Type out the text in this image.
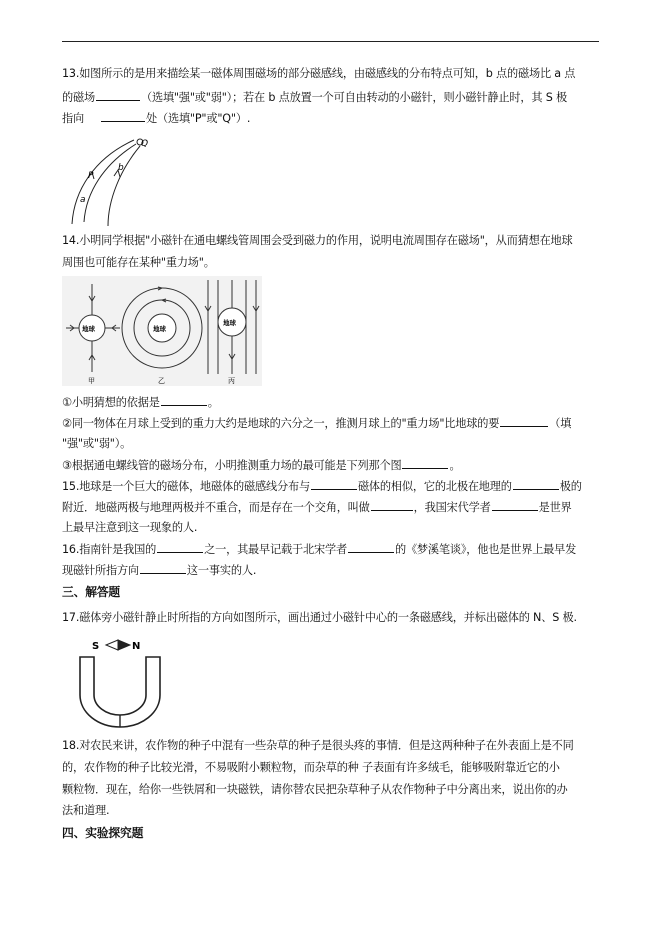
13.如图所示的是用来描绘某一磁体周围磁场的部分磁感线，由磁感线的分布特点可知，b 点的磁场比 a 点
的磁场	（选填"强"或"弱"）；若在 b 点放置一个可自由转动的小磁针，则小磁针静止时，其 S 极
指向	处（选填"P"或"Q"）.
Q
P
b
a
14.小明同学根据"小磁针在通电螺线管周围会受到磁力的作用，说明电流周围存在磁场"，从而猜想在地球
周围也可能存在某种"重力场"。
地球
甲
地球
乙
地球
丙
①小明猜想的依据是	。
②同一物体在月球上受到的重力大约是地球的六分之一，推测月球上的"重力场"比地球的要	（填
"强"或"弱"）。
③根据通电螺线管的磁场分布，小明推测重力场的最可能是下列那个图	。
15.地球是一个巨大的磁体，地磁体的磁感线分布与	磁体的相似，它的北极在地理的	极的
附近．地磁两极与地理两极并不重合，而是存在一个交角，叫做	，我国宋代学者	是世界
上最早注意到这一现象的人.
16.指南针是我国的	之一，其最早记载于北宋学者	的《梦溪笔谈》，他也是世界上最早发
现磁针所指方向	这一事实的人.
三、解答题
17.磁体旁小磁针静止时所指的方向如图所示，画出通过小磁针中心的一条磁感线，并标出磁体的 N、S 极.
S	N
18.对农民来讲，农作物的种子中混有一些杂草的种子是很头疼的事情．但是这两种种子在外表面上是不同
的，农作物的种子比较光滑，不易吸附小颗粒物，而杂草的种 子表面有许多绒毛，能够吸附靠近它的小
颗粒物．现在，给你一些铁屑和一块磁铁，请你替农民把杂草种子从农作物种子中分离出来，说出你的办
法和道理.
四、实验探究题
